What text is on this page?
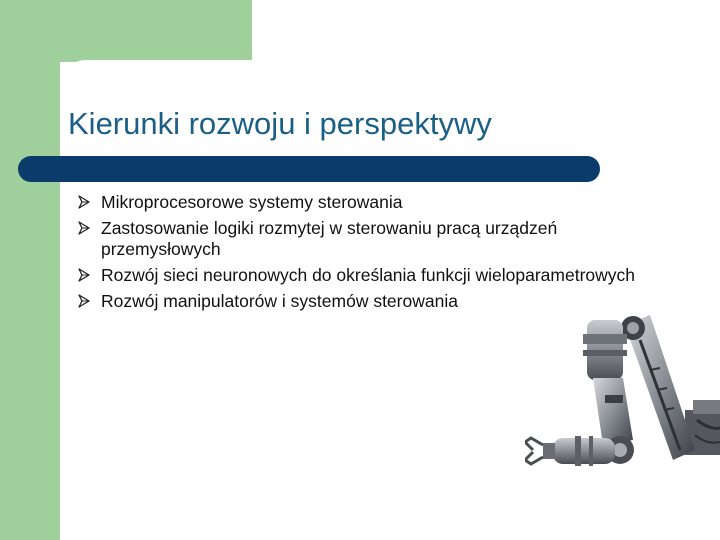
Kierunki rozwoju i perspektywy
Mikroprocesorowe systemy sterowania
Zastosowanie logiki rozmytej w sterowaniu pracą urządzeń przemysłowych
Rozwój sieci neuronowych do określania funkcji wieloparametrowych
Rozwój manipulatorów i systemów sterowania
